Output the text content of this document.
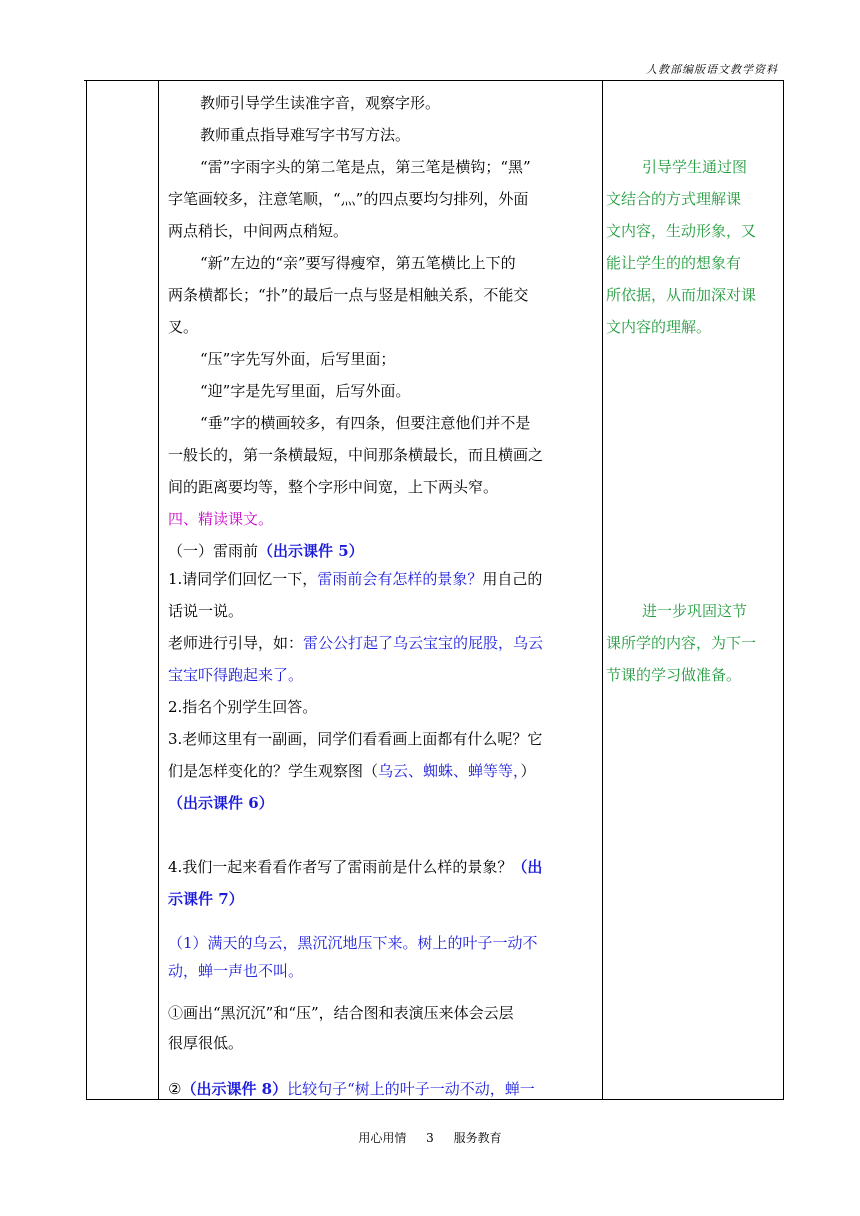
人教部编版语文教学资料
教师引导学生读准字音，观察字形。
教师重点指导难写字书写方法。
“雷”字雨字头的第二笔是点，第三笔是横钩；“黑”
字笔画较多，注意笔顺，“灬”的四点要均匀排列，外面
两点稍长，中间两点稍短。
“新”左边的“亲”要写得瘦窄，第五笔横比上下的
两条横都长；“扑”的最后一点与竖是相触关系，不能交
叉。
“压”字先写外面，后写里面；
“迎”字是先写里面，后写外面。
“垂”字的横画较多，有四条，但要注意他们并不是
一般长的，第一条横最短，中间那条横最长，而且横画之
间的距离要均等，整个字形中间宽，上下两头窄。
四、精读课文。
（一）雷雨前（出示课件 5）
1.请同学们回忆一下，雷雨前会有怎样的景象？用自己的
话说一说。
老师进行引导，如：雷公公打起了乌云宝宝的屁股，乌云
宝宝吓得跑起来了。
2.指名个别学生回答。
3.老师这里有一副画，同学们看看画上面都有什么呢？它
们是怎样变化的？学生观察图（乌云、蜘蛛、蝉等等，）
（出示课件 6）
4.我们一起来看看作者写了雷雨前是什么样的景象？（出
示课件 7）
（1）满天的乌云，黑沉沉地压下来。树上的叶子一动不
动，蝉一声也不叫。
①画出“黑沉沉”和“压”，结合图和表演压来体会云层
很厚很低。
②（出示课件 8）比较句子“树上的叶子一动不动，蝉一
引导学生通过图
文结合的方式理解课
文内容，生动形象，又
能让学生的的想象有
所依据，从而加深对课
文内容的理解。
进一步巩固这节
课所学的内容，为下一
节课的学习做准备。
用心用情 3 服务教育
